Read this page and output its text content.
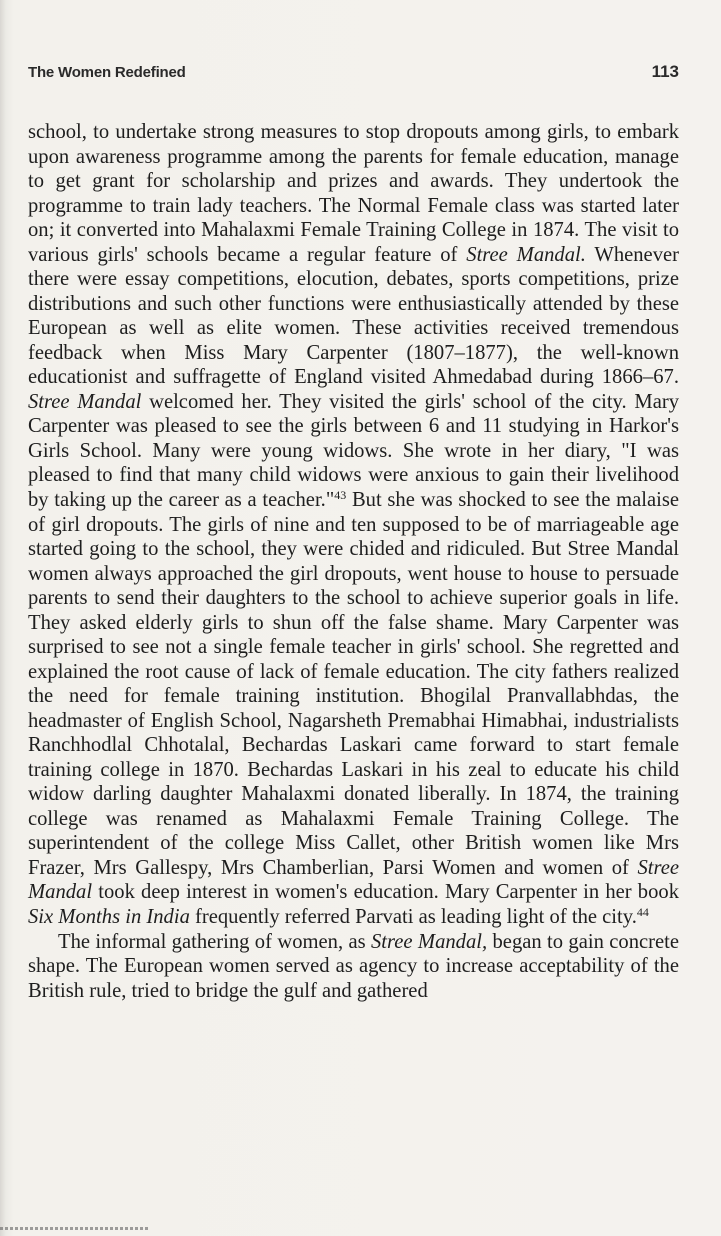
The Women Redefined	113

school, to undertake strong measures to stop dropouts among girls, to embark upon awareness programme among the parents for female education, manage to get grant for scholarship and prizes and awards. They undertook the programme to train lady teachers. The Normal Female class was started later on; it converted into Mahalaxmi Female Training College in 1874. The visit to various girls' schools became a regular feature of Stree Mandal. Whenever there were essay competitions, elocution, debates, sports competitions, prize distributions and such other functions were enthusiastically attended by these European as well as elite women. These activities received tremendous feedback when Miss Mary Carpenter (1807–1877), the well-known educationist and suffragette of England visited Ahmedabad during 1866–67. Stree Mandal welcomed her. They visited the girls' school of the city. Mary Carpenter was pleased to see the girls between 6 and 11 studying in Harkor's Girls School. Many were young widows. She wrote in her diary, "I was pleased to find that many child widows were anxious to gain their livelihood by taking up the career as a teacher."$^{43}$ But she was shocked to see the malaise of girl dropouts. The girls of nine and ten supposed to be of marriageable age started going to the school, they were chided and ridiculed. But Stree Mandal women always approached the girl dropouts, went house to house to persuade parents to send their daughters to the school to achieve superior goals in life. They asked elderly girls to shun off the false shame. Mary Carpenter was surprised to see not a single female teacher in girls' school. She regretted and explained the root cause of lack of female education. The city fathers realized the need for female training institution. Bhogilal Pranvallabhdas, the headmaster of English School, Nagarsheth Premabhai Himabhai, industrialists Ranchhodlal Chhotalal, Bechardas Laskari came forward to start female training college in 1870. Bechardas Laskari in his zeal to educate his child widow darling daughter Mahalaxmi donated liberally. In 1874, the training college was renamed as Mahalaxmi Female Training College. The superintendent of the college Miss Callet, other British women like Mrs Frazer, Mrs Gallespy, Mrs Chamberlian, Parsi Women and women of Stree Mandal took deep interest in women's education. Mary Carpenter in her book Six Months in India frequently referred Parvati as leading light of the city.$^{44}$

The informal gathering of women, as Stree Mandal, began to gain concrete shape. The European women served as agency to increase acceptability of the British rule, tried to bridge the gulf and gathered
